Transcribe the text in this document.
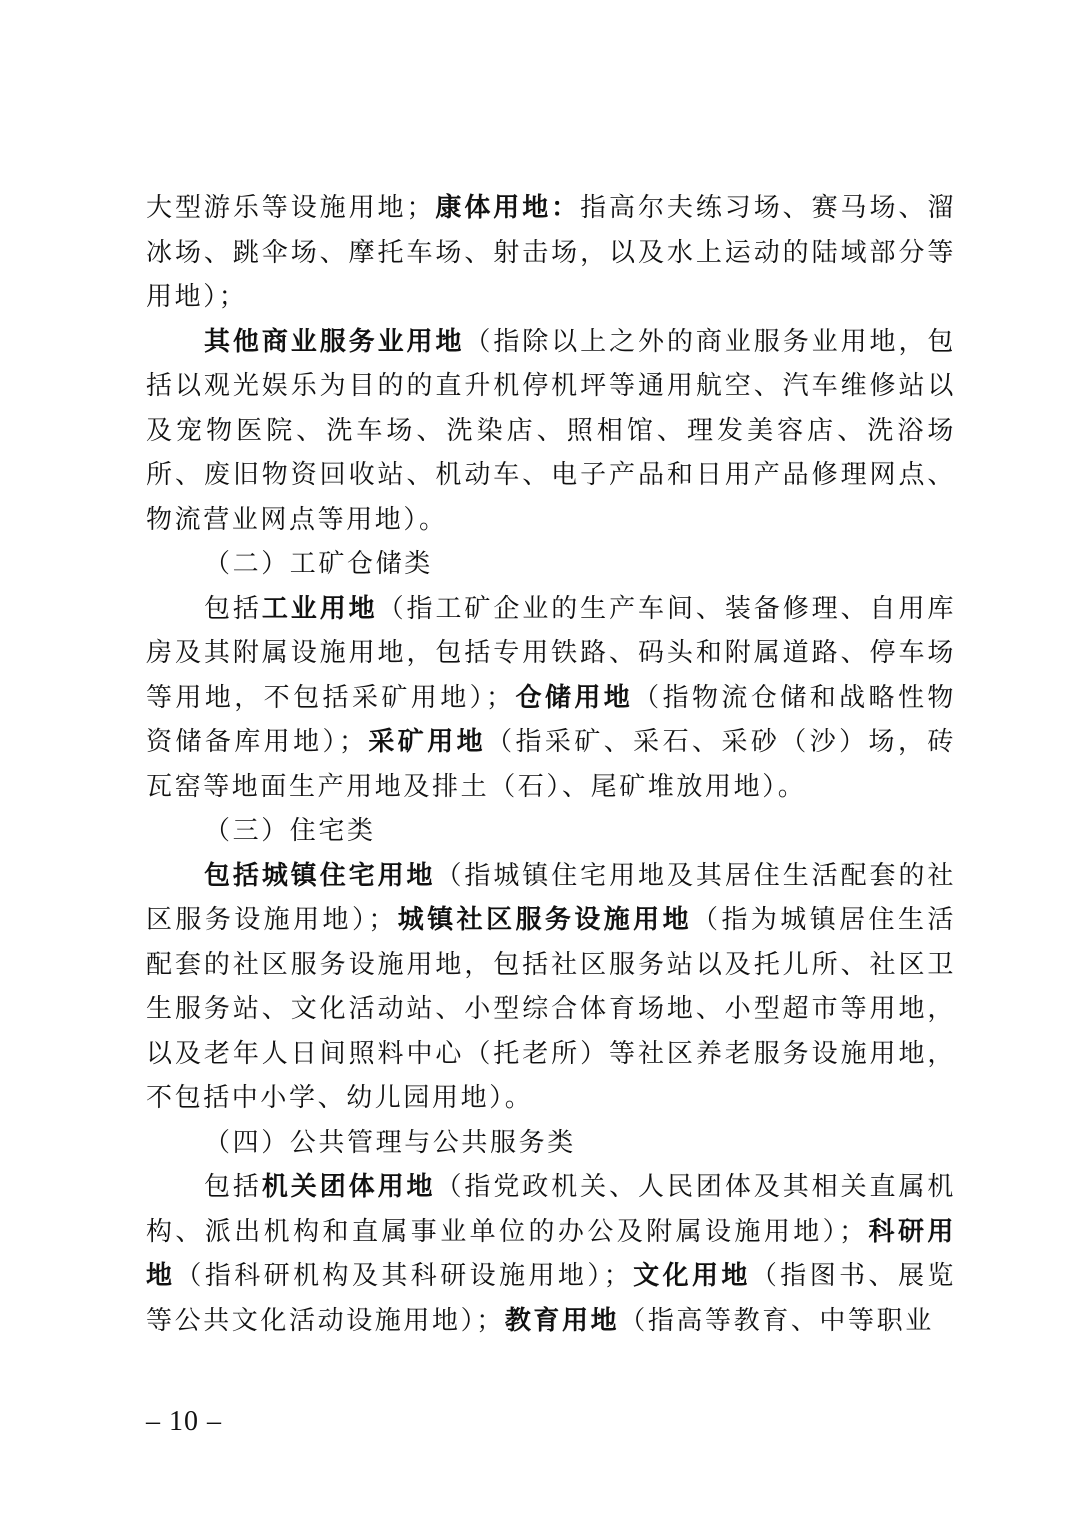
大型游乐等设施用地；康体用地：指高尔夫练习场、赛马场、溜冰场、跳伞场、摩托车场、射击场，以及水上运动的陆域部分等用地）；

其他商业服务业用地（指除以上之外的商业服务业用地，包括以观光娱乐为目的的直升机停机坪等通用航空、汽车维修站以及宠物医院、洗车场、洗染店、照相馆、理发美容店、洗浴场所、废旧物资回收站、机动车、电子产品和日用产品修理网点、物流营业网点等用地）。

（二）工矿仓储类

包括工业用地（指工矿企业的生产车间、装备修理、自用库房及其附属设施用地，包括专用铁路、码头和附属道路、停车场等用地，不包括采矿用地）；仓储用地（指物流仓储和战略性物资储备库用地）；采矿用地（指采矿、采石、采砂（沙）场，砖瓦窑等地面生产用地及排土（石）、尾矿堆放用地）。

（三）住宅类

包括城镇住宅用地（指城镇住宅用地及其居住生活配套的社区服务设施用地）；城镇社区服务设施用地（指为城镇居住生活配套的社区服务设施用地，包括社区服务站以及托儿所、社区卫生服务站、文化活动站、小型综合体育场地、小型超市等用地，以及老年人日间照料中心（托老所）等社区养老服务设施用地，不包括中小学、幼儿园用地）。

（四）公共管理与公共服务类

包括机关团体用地（指党政机关、人民团体及其相关直属机构、派出机构和直属事业单位的办公及附属设施用地）；科研用地（指科研机构及其科研设施用地）；文化用地（指图书、展览等公共文化活动设施用地）；教育用地（指高等教育、中等职业

– 10 –
